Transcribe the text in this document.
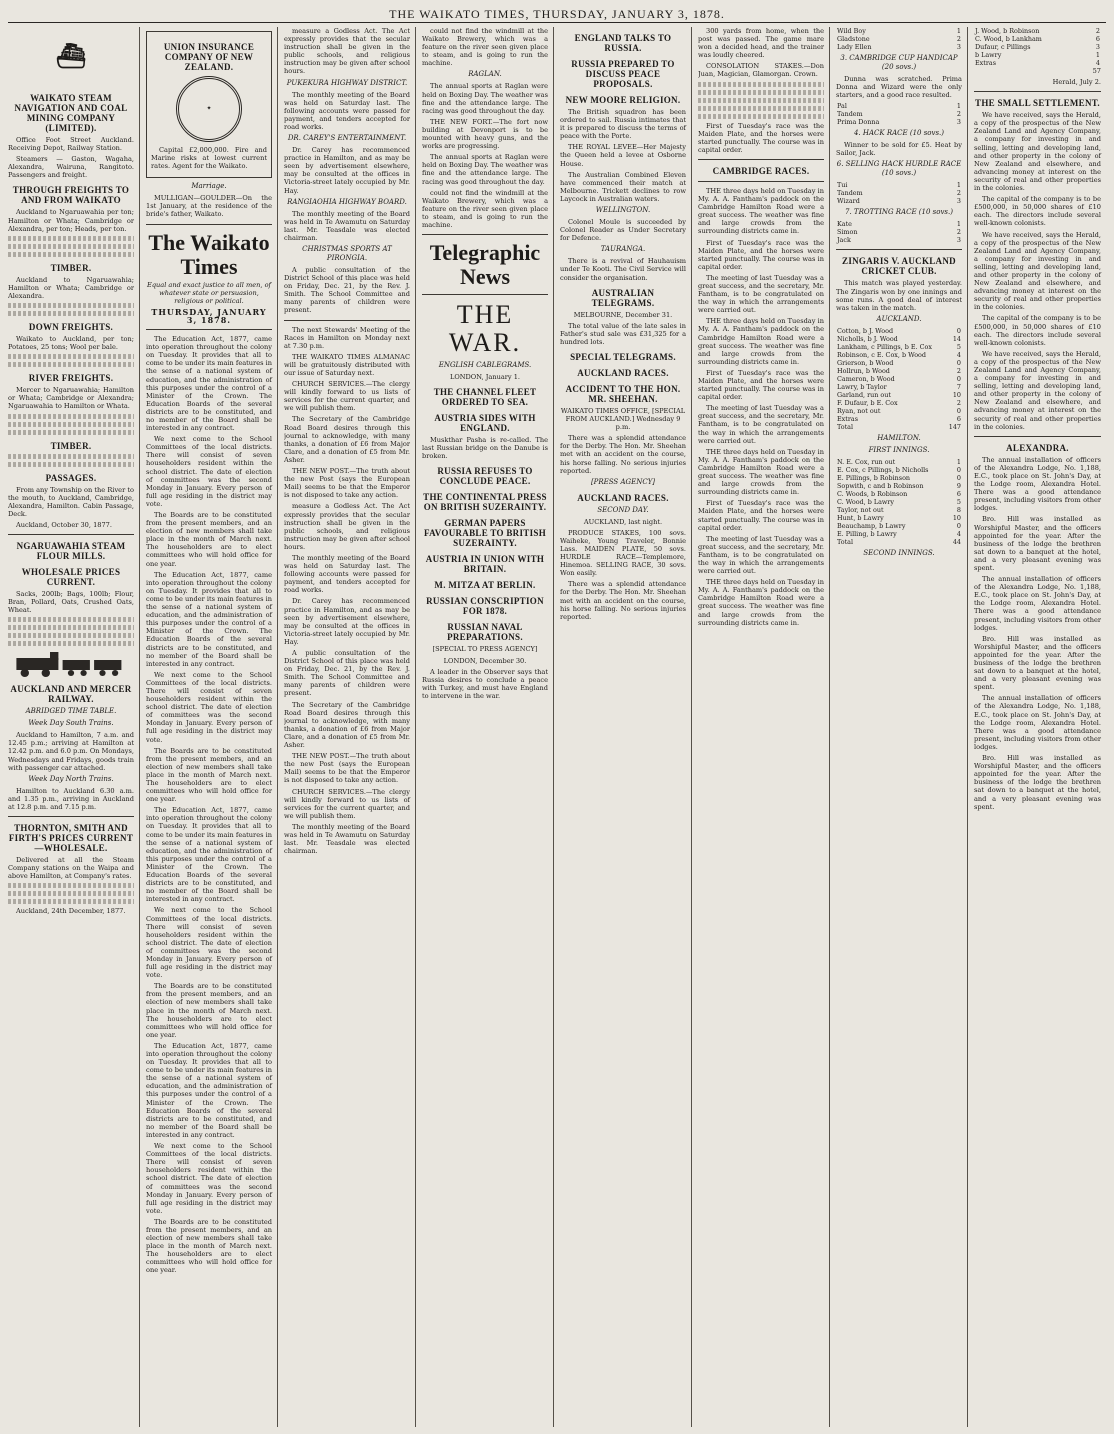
THE WAIKATO TIMES, THURSDAY, JANUARY 3, 1878.
⛴
WAIKATO STEAM NAVIGATION AND COAL MINING COMPANY (LIMITED).

Office Foot Street Auckland. Receiving Depot, Railway Station.

Steamers — Gaston, Wagaha, Alexandra, Wairuna, Rangitoto. Passengers and freight.

THROUGH FREIGHTS TO AND FROM WAIKATO

Auckland to Ngaruawahia per ton; Hamilton or Whata; Cambridge or Alexandra, per ton; Heads, per ton.

TIMBER.

Auckland to Ngaruawahia; Hamilton or Whata; Cambridge or Alexandra.

DOWN FREIGHTS.

Waikato to Auckland, per ton; Potatoes, 25 tons; Wool per bale.

RIVER FREIGHTS.

Mercer to Ngaruawahia; Hamilton or Whata; Cambridge or Alexandra; Ngaruawahia to Hamilton or Whata.

TIMBER.
PASSAGES.

From any Township on the River to the mouth, to Auckland, Cambridge, Alexandra, Hamilton. Cabin Passage, Deck.

Auckland, October 30, 1877.

NGARUAWAHIA STEAM FLOUR MILLS.
WHOLESALE PRICES CURRENT.

Sacks, 200lb; Bags, 100lb; Flour, Bran, Pollard, Oats, Crushed Oats, Wheat.

AUCKLAND AND MERCER RAILWAY.
ABRIDGED TIME TABLE.
Week Day South Trains.

Auckland to Hamilton, 7 a.m. and 12.45 p.m.; arriving at Hamilton at 12.42 p.m. and 6.0 p.m. On Mondays, Wednesdays and Fridays, goods train with passenger car attached.

Week Day North Trains.

Hamilton to Auckland 6.30 a.m. and 1.35 p.m., arriving in Auckland at 12.8 p.m. and 7.15 p.m.

THORNTON, SMITH AND FIRTH'S PRICES CURRENT—WHOLESALE.

Delivered at all the Steam Company stations on the Waipa and above Hamilton, at Company's rates.

Auckland, 24th December, 1877.

UNION INSURANCE COMPANY OF NEW ZEALAND.
✦

Capital £2,000,000. Fire and Marine risks at lowest current rates. Agent for the Waikato.

Marriage.

MULLIGAN—GOULDER—On the 1st January, at the residence of the bride's father, Waikato.

The Waikato Times

Equal and exact justice to all men, of whatever state or persuasion, religious or political.

THURSDAY, JANUARY 3, 1878.

The Education Act, 1877, came into operation throughout the colony on Tuesday. It provides that all to come to be under its main features in the sense of a national system of education, and the administration of this purposes under the control of a Minister of the Crown. The Education Boards of the several districts are to be constituted, and no member of the Board shall be interested in any contract.

We next come to the School Committees of the local districts. There will consist of seven householders resident within the school district. The date of election of committees was the second Monday in January. Every person of full age residing in the district may vote.

The Boards are to be constituted from the present members, and an election of new members shall take place in the month of March next. The householders are to elect committees who will hold office for one year.

The Education Act, 1877, came into operation throughout the colony on Tuesday. It provides that all to come to be under its main features in the sense of a national system of education, and the administration of this purposes under the control of a Minister of the Crown. The Education Boards of the several districts are to be constituted, and no member of the Board shall be interested in any contract.

We next come to the School Committees of the local districts. There will consist of seven householders resident within the school district. The date of election of committees was the second Monday in January. Every person of full age residing in the district may vote.

The Boards are to be constituted from the present members, and an election of new members shall take place in the month of March next. The householders are to elect committees who will hold office for one year.

The Education Act, 1877, came into operation throughout the colony on Tuesday. It provides that all to come to be under its main features in the sense of a national system of education, and the administration of this purposes under the control of a Minister of the Crown. The Education Boards of the several districts are to be constituted, and no member of the Board shall be interested in any contract.

We next come to the School Committees of the local districts. There will consist of seven householders resident within the school district. The date of election of committees was the second Monday in January. Every person of full age residing in the district may vote.

The Boards are to be constituted from the present members, and an election of new members shall take place in the month of March next. The householders are to elect committees who will hold office for one year.

The Education Act, 1877, came into operation throughout the colony on Tuesday. It provides that all to come to be under its main features in the sense of a national system of education, and the administration of this purposes under the control of a Minister of the Crown. The Education Boards of the several districts are to be constituted, and no member of the Board shall be interested in any contract.

We next come to the School Committees of the local districts. There will consist of seven householders resident within the school district. The date of election of committees was the second Monday in January. Every person of full age residing in the district may vote.

The Boards are to be constituted from the present members, and an election of new members shall take place in the month of March next. The householders are to elect committees who will hold office for one year.

measure a Godless Act. The Act expressly provides that the secular instruction shall be given in the public schools, and religious instruction may be given after school hours.

PUKEKURA HIGHWAY DISTRICT.

The monthly meeting of the Board was held on Saturday last. The following accounts were passed for payment, and tenders accepted for road works.

DR. CAREY'S ENTERTAINMENT.

Dr. Carey has recommenced practice in Hamilton, and as may be seen by advertisement elsewhere, may be consulted at the offices in Victoria-street lately occupied by Mr. Hay.

RANGIAOHIA HIGHWAY BOARD.

The monthly meeting of the Board was held in Te Awamutu on Saturday last. Mr. Teasdale was elected chairman.

CHRISTMAS SPORTS AT PIRONGIA.

A public consultation of the District School of this place was held on Friday, Dec. 21, by the Rev. J. Smith. The School Committee and many parents of children were present.

The next Stewards' Meeting of the Races in Hamilton on Monday next at 7.30 p.m.

THE WAIKATO TIMES ALMANAC will be gratuitously distributed with our issue of Saturday next.

CHURCH SERVICES.—The clergy will kindly forward to us lists of services for the current quarter, and we will publish them.

The Secretary of the Cambridge Road Board desires through this journal to acknowledge, with many thanks, a donation of £6 from Major Clare, and a donation of £5 from Mr. Asher.

THE NEW POST.—The truth about the new Post (says the European Mail) seems to be that the Emperor is not disposed to take any action.

measure a Godless Act. The Act expressly provides that the secular instruction shall be given in the public schools, and religious instruction may be given after school hours.

The monthly meeting of the Board was held on Saturday last. The following accounts were passed for payment, and tenders accepted for road works.

Dr. Carey has recommenced practice in Hamilton, and as may be seen by advertisement elsewhere, may be consulted at the offices in Victoria-street lately occupied by Mr. Hay.

A public consultation of the District School of this place was held on Friday, Dec. 21, by the Rev. J. Smith. The School Committee and many parents of children were present.

The Secretary of the Cambridge Road Board desires through this journal to acknowledge, with many thanks, a donation of £6 from Major Clare, and a donation of £5 from Mr. Asher.

THE NEW POST.—The truth about the new Post (says the European Mail) seems to be that the Emperor is not disposed to take any action.

CHURCH SERVICES.—The clergy will kindly forward to us lists of services for the current quarter, and we will publish them.

The monthly meeting of the Board was held in Te Awamutu on Saturday last. Mr. Teasdale was elected chairman.

could not find the windmill at the Waikato Brewery, which was a feature on the river seen given place to steam, and is going to run the machine.

RAGLAN.

The annual sports at Raglan were held on Boxing Day. The weather was fine and the attendance large. The racing was good throughout the day.

THE NEW FORT.—The fort now building at Devonport is to be mounted with heavy guns, and the works are progressing.

The annual sports at Raglan were held on Boxing Day. The weather was fine and the attendance large. The racing was good throughout the day.

could not find the windmill at the Waikato Brewery, which was a feature on the river seen given place to steam, and is going to run the machine.

Telegraphic News
THE WAR.
ENGLISH CABLEGRAMS.

LONDON, January 1.

THE CHANNEL FLEET ORDERED TO SEA.
AUSTRIA SIDES WITH ENGLAND.

Muskthar Pasha is re-called. The last Russian bridge on the Danube is broken.

RUSSIA REFUSES TO CONCLUDE PEACE.
THE CONTINENTAL PRESS ON BRITISH SUZERAINTY.
GERMAN PAPERS FAVOURABLE TO BRITISH SUZERAINTY.
AUSTRIA IN UNION WITH BRITAIN.
M. MITZA AT BERLIN.
RUSSIAN CONSCRIPTION FOR 1878.
RUSSIAN NAVAL PREPARATIONS.

[SPECIAL TO PRESS AGENCY]

LONDON, December 30.

A leader in the Observer says that Russia desires to conclude a peace with Turkey, and must have England to intervene in the war.

ENGLAND TALKS TO RUSSIA.
RUSSIA PREPARED TO DISCUSS PEACE PROPOSALS.
NEW MOORE RELIGION.

The British squadron has been ordered to sail. Russia intimates that it is prepared to discuss the terms of peace with the Porte.

THE ROYAL LEVEE—Her Majesty the Queen held a levee at Osborne House.

The Australian Combined Eleven have commenced their match at Melbourne. Trickett declines to row Laycock in Australian waters.

WELLINGTON.

Colonel Moule is succeeded by Colonel Reader as Under Secretary for Defence.

TAURANGA.

There is a revival of Hauhauism under Te Kooti. The Civil Service will consider the organisation.

AUSTRALIAN TELEGRAMS.

MELBOURNE, December 31.

The total value of the late sales in Father's stud sale was £31,325 for a hundred lots.

SPECIAL TELEGRAMS.
AUCKLAND RACES.
ACCIDENT TO THE HON. MR. SHEEHAN.

WAIKATO TIMES OFFICE, [SPECIAL FROM AUCKLAND.] Wednesday 9 p.m.

There was a splendid attendance for the Derby. The Hon. Mr. Sheehan met with an accident on the course, his horse falling. No serious injuries reported.

[PRESS AGENCY]
AUCKLAND RACES.
SECOND DAY.

AUCKLAND, last night.

PRODUCE STAKES, 100 sovs. Waiheke, Young Traveler, Bonnie Lass. MAIDEN PLATE, 50 sovs. HURDLE RACE—Templemore, Hinemoa. SELLING RACE, 30 sovs. Won easily.

There was a splendid attendance for the Derby. The Hon. Mr. Sheehan met with an accident on the course, his horse falling. No serious injuries reported.

300 yards from home, when the post was passed. The game mare won a decided head, and the trainer was loudly cheered.

CONSOLATION STAKES.—Don Juan, Magician, Glamorgan. Crown.

First of Tuesday's race was the Maiden Plate, and the horses were started punctually. The course was in capital order.

CAMBRIDGE RACES.

THE three days held on Tuesday in My. A. A. Fantham's paddock on the Cambridge Hamilton Road were a great success. The weather was fine and large crowds from the surrounding districts came in.

First of Tuesday's race was the Maiden Plate, and the horses were started punctually. The course was in capital order.

The meeting of last Tuesday was a great success, and the secretary, Mr. Fantham, is to be congratulated on the way in which the arrangements were carried out.

THE three days held on Tuesday in My. A. A. Fantham's paddock on the Cambridge Hamilton Road were a great success. The weather was fine and large crowds from the surrounding districts came in.

First of Tuesday's race was the Maiden Plate, and the horses were started punctually. The course was in capital order.

The meeting of last Tuesday was a great success, and the secretary, Mr. Fantham, is to be congratulated on the way in which the arrangements were carried out.

THE three days held on Tuesday in My. A. A. Fantham's paddock on the Cambridge Hamilton Road were a great success. The weather was fine and large crowds from the surrounding districts came in.

First of Tuesday's race was the Maiden Plate, and the horses were started punctually. The course was in capital order.

The meeting of last Tuesday was a great success, and the secretary, Mr. Fantham, is to be congratulated on the way in which the arrangements were carried out.

THE three days held on Tuesday in My. A. A. Fantham's paddock on the Cambridge Hamilton Road were a great success. The weather was fine and large crowds from the surrounding districts came in.

Wild Boy	1
Gladstone	2
Lady Ellen	3
3. CAMBRIDGE CUP HANDICAP (20 sovs.)

Dunna was scratched. Prima Donna and Wizard were the only starters, and a good race resulted.

Pal	1
Tandem	2
Prima Donna	3
4. HACK RACE (10 sovs.)

Winner to be sold for £5. Heat by Sailor, Jack.

6. SELLING HACK HURDLE RACE (10 sovs.)
Tui	1
Tandem	2
Wizard	3
7. TROTTING RACE (10 sovs.)
Kate	1
Simon	2
Jack	3
ZINGARIS V. AUCKLAND CRICKET CLUB.

This match was played yesterday. The Zingaris won by one innings and some runs. A good deal of interest was taken in the match.

AUCKLAND.
Cotton, b J. Wood	0
Nicholls, b J. Wood	14
Lankham, c Pillings, b E. Cox	5
Robinson, c E. Cox, b Wood	4
Grierson, b Wood	0
Hollrun, b Wood	2
Cameron, b Wood	0
Lawry, b Taylor	7
Garland, run out	10
F. Dufaur, b E. Cox	2
Ryan, not out	0
Extras	6
Total	147
HAMILTON.
FIRST INNINGS.
N. E. Cox, run out	1
E. Cox, c Pillings, b Nicholls	0
E. Pillings, b Robinson	0
Sopwith, c and b Robinson	9
C. Woods, b Robinson	6
C. Wood, b Lawry	5
Taylor, not out	8
Hunt, b Lawry	10
Beauchamp, b Lawry	0
E. Pilling, b Lawry	4
Total	44
SECOND INNINGS.
J. Wood, b Robinson	2
C. Wood, b Lankham	6
Dufaur, c Pillings	3
b Lawry	1
Extras	4

57

Herald, July 2.

THE SMALL SETTLEMENT.

We have received, says the Herald, a copy of the prospectus of the New Zealand Land and Agency Company, a company for investing in and selling, letting and developing land, and other property in the colony of New Zealand and elsewhere, and advancing money at interest on the security of real and other properties in the colonies.

The capital of the company is to be £500,000, in 50,000 shares of £10 each. The directors include several well-known colonists.

We have received, says the Herald, a copy of the prospectus of the New Zealand Land and Agency Company, a company for investing in and selling, letting and developing land, and other property in the colony of New Zealand and elsewhere, and advancing money at interest on the security of real and other properties in the colonies.

The capital of the company is to be £500,000, in 50,000 shares of £10 each. The directors include several well-known colonists.

We have received, says the Herald, a copy of the prospectus of the New Zealand Land and Agency Company, a company for investing in and selling, letting and developing land, and other property in the colony of New Zealand and elsewhere, and advancing money at interest on the security of real and other properties in the colonies.

ALEXANDRA.

The annual installation of officers of the Alexandra Lodge, No. 1,188, E.C., took place on St. John's Day, at the Lodge room, Alexandra Hotel. There was a good attendance present, including visitors from other lodges.

Bro. Hill was installed as Worshipful Master, and the officers appointed for the year. After the business of the lodge the brethren sat down to a banquet at the hotel, and a very pleasant evening was spent.

The annual installation of officers of the Alexandra Lodge, No. 1,188, E.C., took place on St. John's Day, at the Lodge room, Alexandra Hotel. There was a good attendance present, including visitors from other lodges.

Bro. Hill was installed as Worshipful Master, and the officers appointed for the year. After the business of the lodge the brethren sat down to a banquet at the hotel, and a very pleasant evening was spent.

The annual installation of officers of the Alexandra Lodge, No. 1,188, E.C., took place on St. John's Day, at the Lodge room, Alexandra Hotel. There was a good attendance present, including visitors from other lodges.

Bro. Hill was installed as Worshipful Master, and the officers appointed for the year. After the business of the lodge the brethren sat down to a banquet at the hotel, and a very pleasant evening was spent.
